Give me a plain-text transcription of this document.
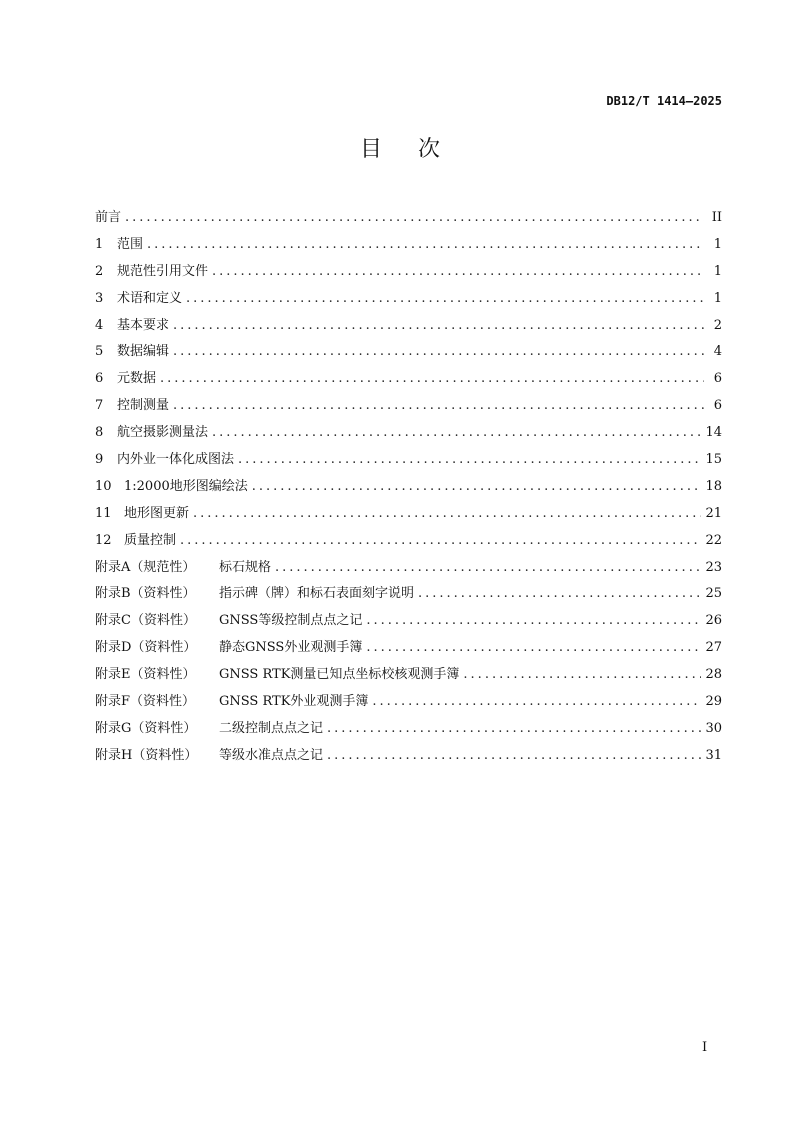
DB12/T 1414—2025
目次
前言 .....	II
1	范围 .....	1
2	规范性引用文件 .....	1
3	术语和定义 .....	1
4	基本要求 .....	2
5	数据编辑 .....	4
6	元数据 .....	6
7	控制测量 .....	6
8	航空摄影测量法 .....	14
9	内外业一体化成图法 .....	15
10 1:2000地形图编绘法 .....	18
11 地形图更新 .....	21
12 质量控制 .....	22
附录A（规范性）	标石规格 .....	23
附录B（资料性）	指示碑（牌）和标石表面刻字说明 .....	25
附录C（资料性）	GNSS等级控制点点之记 .....	26
附录D（资料性）	静态GNSS外业观测手簿 .....	27
附录E（资料性）	GNSS RTK测量已知点坐标校核观测手簿 .....	28
附录F（资料性）	GNSS RTK外业观测手簿 .....	29
附录G（资料性）	二级控制点点之记 .....	30
附录H（资料性）	等级水准点点之记 .....	31
I
